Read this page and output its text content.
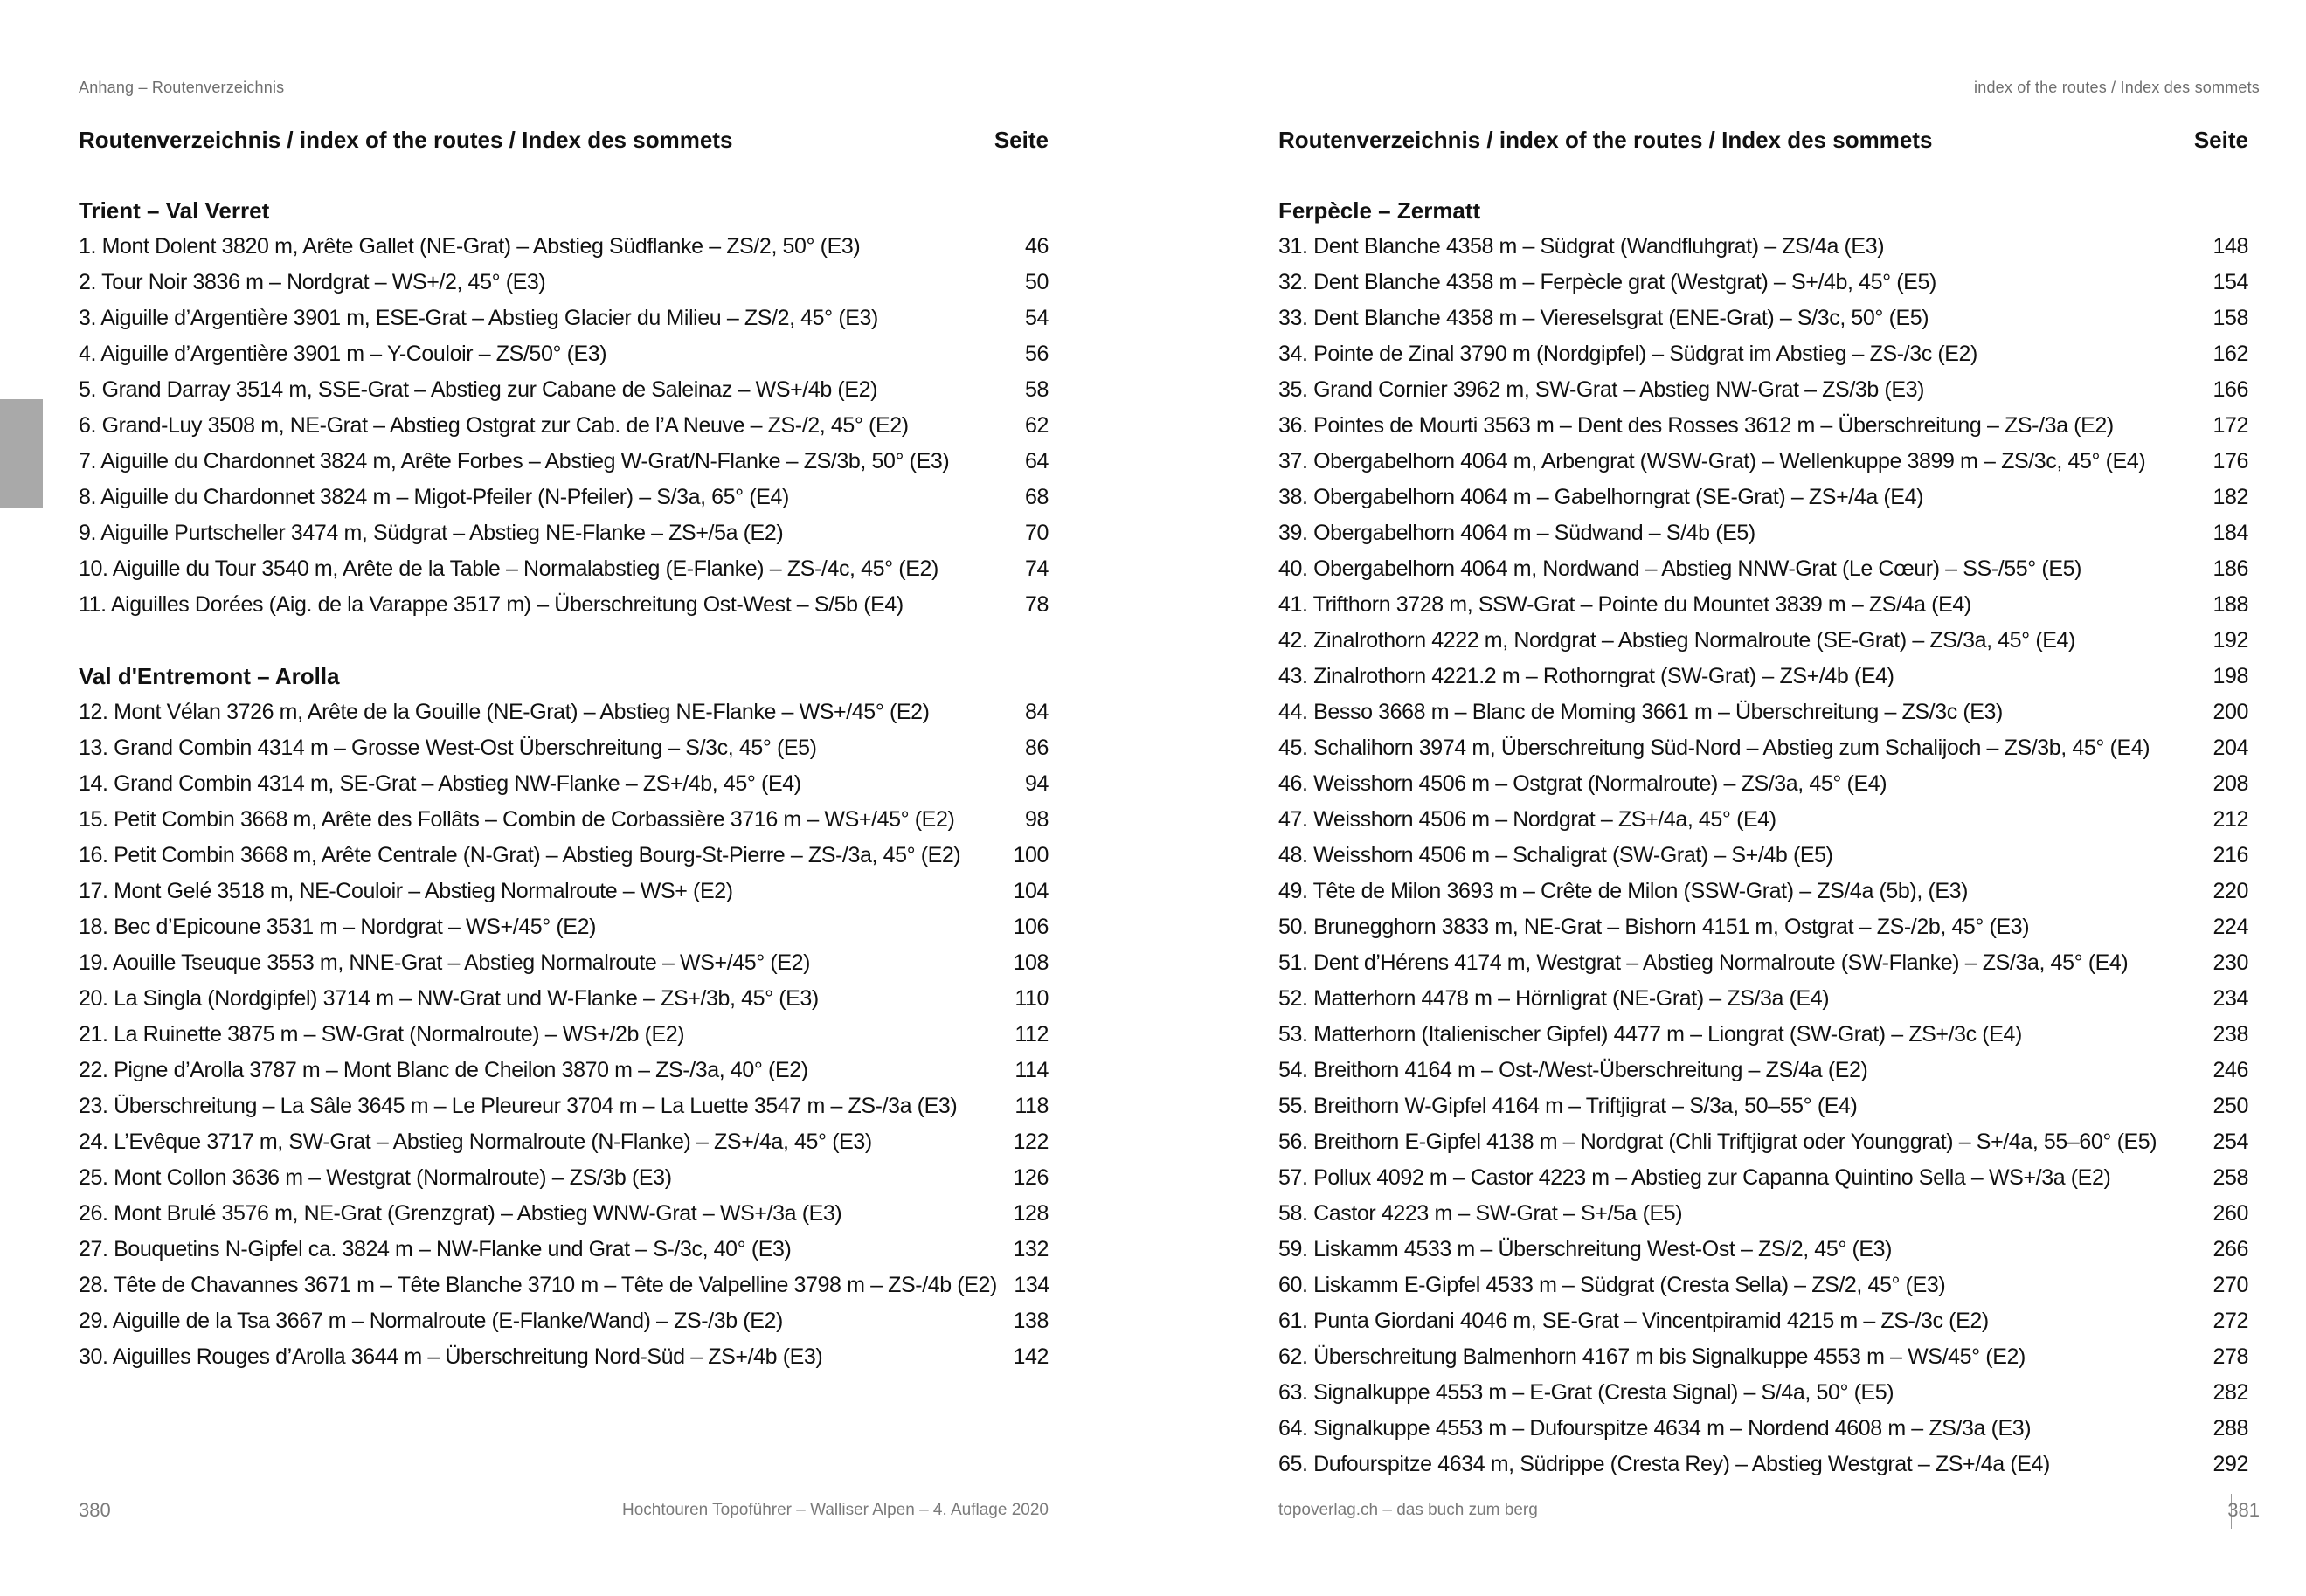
Anhang – Routenverzeichnis
Routenverzeichnis / index of the routes / Index des sommets	Seite
Trient – Val Verret
1. Mont Dolent 3820 m, Arête Gallet (NE-Grat) – Abstieg Südflanke – ZS/2, 50° (E3)	46
2. Tour Noir 3836 m – Nordgrat – WS+/2, 45° (E3)	50
3. Aiguille d’Argentière 3901 m, ESE-Grat – Abstieg Glacier du Milieu – ZS/2, 45° (E3)	54
4. Aiguille d’Argentière 3901 m – Y-Couloir – ZS/50° (E3)	56
5. Grand Darray 3514 m, SSE-Grat – Abstieg zur Cabane de Saleinaz – WS+/4b (E2)	58
6. Grand-Luy 3508 m, NE-Grat – Abstieg Ostgrat zur Cab. de l’A Neuve – ZS-/2, 45° (E2)	62
7. Aiguille du Chardonnet 3824 m, Arête Forbes – Abstieg W-Grat/N-Flanke – ZS/3b, 50° (E3)	64
8. Aiguille du Chardonnet 3824 m – Migot-Pfeiler (N-Pfeiler) – S/3a, 65° (E4)	68
9. Aiguille Purtscheller 3474 m, Südgrat – Abstieg NE-Flanke – ZS+/5a (E2)	70
10. Aiguille du Tour 3540 m, Arête de la Table – Normalabstieg (E-Flanke) – ZS-/4c, 45° (E2)	74
11. Aiguilles Dorées (Aig. de la Varappe 3517 m) – Überschreitung Ost-West – S/5b (E4)	78
Val d'Entremont – Arolla
12. Mont Vélan 3726 m, Arête de la Gouille (NE-Grat) – Abstieg NE-Flanke – WS+/45° (E2)	84
13. Grand Combin 4314 m – Grosse West-Ost Überschreitung – S/3c, 45° (E5)	86
14. Grand Combin 4314 m, SE-Grat – Abstieg NW-Flanke – ZS+/4b, 45° (E4)	94
15. Petit Combin 3668 m, Arête des Follâts – Combin de Corbassière 3716 m – WS+/45° (E2)	98
16. Petit Combin 3668 m, Arête Centrale (N-Grat) – Abstieg Bourg-St-Pierre – ZS-/3a, 45° (E2)	100
17. Mont Gelé 3518 m, NE-Couloir – Abstieg Normalroute – WS+ (E2)	104
18. Bec d’Epicoune 3531 m – Nordgrat – WS+/45° (E2)	106
19. Aouille Tseuque 3553 m, NNE-Grat – Abstieg Normalroute – WS+/45° (E2)	108
20. La Singla (Nordgipfel) 3714 m – NW-Grat und W-Flanke – ZS+/3b, 45° (E3)	110
21. La Ruinette 3875 m – SW-Grat (Normalroute) – WS+/2b (E2)	112
22. Pigne d’Arolla 3787 m – Mont Blanc de Cheilon 3870 m – ZS-/3a, 40° (E2)	114
23. Überschreitung – La Sâle 3645 m – Le Pleureur 3704 m – La Luette 3547 m – ZS-/3a (E3)	118
24. L’Evêque 3717 m, SW-Grat – Abstieg Normalroute (N-Flanke) – ZS+/4a, 45° (E3)	122
25. Mont Collon 3636 m – Westgrat (Normalroute) – ZS/3b (E3)	126
26. Mont Brulé 3576 m, NE-Grat (Grenzgrat) – Abstieg WNW-Grat – WS+/3a (E3)	128
27. Bouquetins N-Gipfel ca. 3824 m – NW-Flanke und Grat – S-/3c, 40° (E3)	132
28. Tête de Chavannes 3671 m – Tête Blanche 3710 m – Tête de Valpelline 3798 m – ZS-/4b (E2) 134
29. Aiguille de la Tsa 3667 m – Normalroute (E-Flanke/Wand) – ZS-/3b (E2)	138
30. Aiguilles Rouges d’Arolla 3644 m – Überschreitung Nord-Süd – ZS+/4b (E3)	142
380	Hochtouren Topoführer – Walliser Alpen – 4. Auflage 2020
index of the routes / Index des sommets
Routenverzeichnis / index of the routes / Index des sommets	Seite
Ferpècle – Zermatt
31. Dent Blanche 4358 m – Südgrat (Wandfluhgrat) – ZS/4a (E3)	148
32. Dent Blanche 4358 m – Ferpècle grat (Westgrat) – S+/4b, 45° (E5)	154
33. Dent Blanche 4358 m – Viereselsgrat (ENE-Grat) – S/3c, 50° (E5)	158
34. Pointe de Zinal 3790 m (Nordgipfel) – Südgrat im Abstieg – ZS-/3c (E2)	162
35. Grand Cornier 3962 m, SW-Grat – Abstieg NW-Grat – ZS/3b (E3)	166
36. Pointes de Mourti 3563 m – Dent des Rosses 3612 m – Überschreitung – ZS-/3a (E2)	172
37. Obergabelhorn 4064 m, Arbengrat (WSW-Grat) – Wellenkuppe 3899 m – ZS/3c, 45° (E4)	176
38. Obergabelhorn 4064 m – Gabelhorngrat (SE-Grat) – ZS+/4a (E4)	182
39. Obergabelhorn 4064 m – Südwand – S/4b (E5)	184
40. Obergabelhorn 4064 m, Nordwand – Abstieg NNW-Grat (Le Cœur) – SS-/55° (E5)	186
41. Trifthorn 3728 m, SSW-Grat – Pointe du Mountet 3839 m – ZS/4a (E4)	188
42. Zinalrothorn 4222 m, Nordgrat – Abstieg Normalroute (SE-Grat) – ZS/3a, 45° (E4)	192
43. Zinalrothorn 4221.2 m – Rothorngrat (SW-Grat) – ZS+/4b (E4)	198
44. Besso 3668 m – Blanc de Moming 3661 m – Überschreitung – ZS/3c (E3)	200
45. Schalihorn 3974 m, Überschreitung Süd-Nord – Abstieg zum Schalijoch – ZS/3b, 45° (E4)	204
46. Weisshorn 4506 m – Ostgrat (Normalroute) – ZS/3a, 45° (E4)	208
47. Weisshorn 4506 m – Nordgrat – ZS+/4a, 45° (E4)	212
48. Weisshorn 4506 m – Schaligrat (SW-Grat) – S+/4b (E5)	216
49. Tête de Milon 3693 m – Crête de Milon (SSW-Grat) – ZS/4a (5b), (E3)	220
50. Brunegghorn 3833 m, NE-Grat – Bishorn 4151 m, Ostgrat – ZS-/2b, 45° (E3)	224
51. Dent d’Hérens 4174 m, Westgrat – Abstieg Normalroute (SW-Flanke) – ZS/3a, 45° (E4)	230
52. Matterhorn 4478 m – Hörnligrat (NE-Grat) – ZS/3a (E4)	234
53. Matterhorn (Italienischer Gipfel) 4477 m – Liongrat (SW-Grat) – ZS+/3c (E4)	238
54. Breithorn 4164 m – Ost-/West-Überschreitung – ZS/4a (E2)	246
55. Breithorn W-Gipfel 4164 m – Triftjigrat – S/3a, 50–55° (E4)	250
56. Breithorn E-Gipfel 4138 m – Nordgrat (Chli Triftjigrat oder Younggrat) – S+/4a, 55–60° (E5)	254
57. Pollux 4092 m – Castor 4223 m – Abstieg zur Capanna Quintino Sella – WS+/3a (E2)	258
58. Castor 4223 m – SW-Grat – S+/5a (E5)	260
59. Liskamm 4533 m – Überschreitung West-Ost – ZS/2, 45° (E3)	266
60. Liskamm E-Gipfel 4533 m – Südgrat (Cresta Sella) – ZS/2, 45° (E3)	270
61. Punta Giordani 4046 m, SE-Grat – Vincentpiramid 4215 m – ZS-/3c (E2)	272
62. Überschreitung Balmenhorn 4167 m bis Signalkuppe 4553 m – WS/45° (E2)	278
63. Signalkuppe 4553 m – E-Grat (Cresta Signal) – S/4a, 50° (E5)	282
64. Signalkuppe 4553 m – Dufourspitze 4634 m – Nordend 4608 m – ZS/3a (E3)	288
65. Dufourspitze 4634 m, Südrippe (Cresta Rey) – Abstieg Westgrat – ZS+/4a (E4)	292
topoverlag.ch – das buch zum berg	381
